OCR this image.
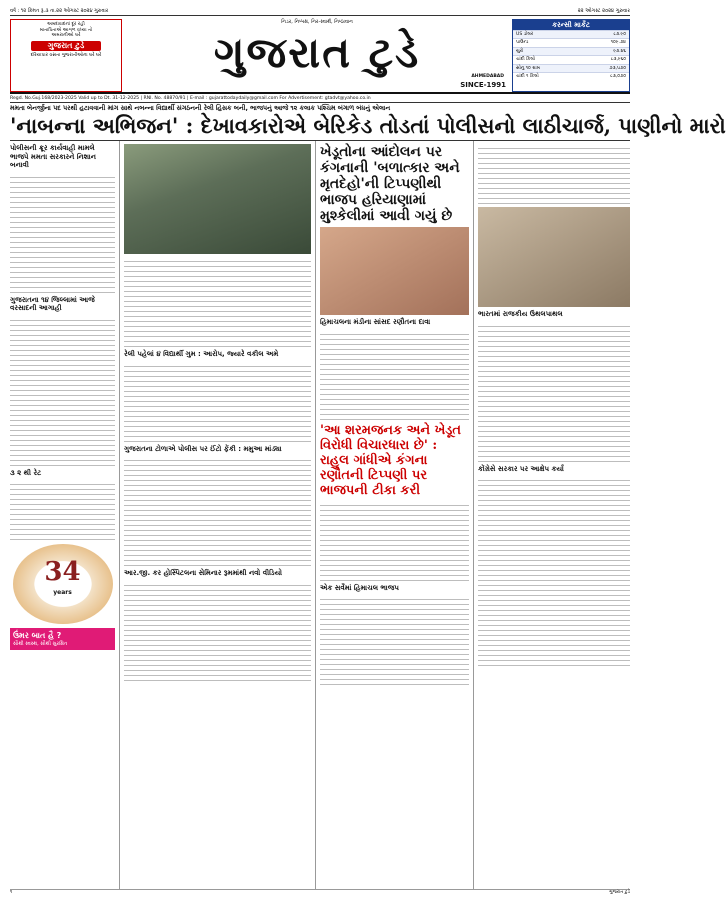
વર્ષ : ૧૨ કિંમત રૂ.૩ તા.૨૨ ઓગસ્ટ ૨૦૨૪ ગુરુવાર	૨૨ ઓગસ્ટ ૨૦૨૪ ગુરુવાર
અમદાવાદનાં દૂર રહી
માતાપિતાએ આગળ વધ્યા તો
અમરાનીઓ ઘરે
ગુજરાત ટુડે
દરિયાપાર વસતા ગુજરાતીઓના ઘરે ઘરે
નિડર, નિષ્પક્ષ, નિર-સ્વાર્થ, નિષ્ઠાવાન
ગુજરાત ટુડે	AHMEDABAD
SINCE-1991
કરન્સી માર્કેટ
US ડોલર	૮૩.૯૦
પાઉન્ડ	૧૦૯.૭૪
યુરો	૯૩.૪૬
ચાંદી કિલો	૮૩,૯૬૦
સોનુ ૧૦ ગ્રામ	૭૩,૫૭૦
ચાંદી ૧ કિલો	૮૩,૦૭૦
Regd. No.Guj.168/2023-2025 Valid up to Dt. 31-12-2025 | RNI. No. 48870/91 | E-mail : gujarattodaydaily@gmail.com For Advertisement: gtadvt@yahoo.co.in
મમતા બેનર્જીના પદ પરથી હટાવવાની માંગ સાથે નબન્ના વિદ્યાર્થી સંગઠનની રેલી હિંસક બની, ભાજપનું આજે ૧૨ કલાક પશ્ચિમ બંગાળ બંધનું એલાન
'નાબન્ના અભિજન' : દેખાવકારોએ બેરિકેડ તોડતાં પોલીસનો લાઠીચાર્જ, પાણીનો મારો
પોલીસની ક્રૂર કાર્યવાહી મામલે ભાજપે મમતા સરકારને નિશાન બનાવી
ગુજરાતના ૧૪ જિલ્લામાં આજે વરસાદની આગાહી
૩ ૨ થી રેટ
34
years
ઉંમર બાત હૈ ?
સૌથી સ્વસ્થ, સૌથી સુરક્ષિત
રેલી પહેલાં ૪ વિદ્યાર્થી ગુમ : આરોપ, જ્યારે વકીલ અમે
ગુજરાતના ટોળાએ પોલીસ પર ઈંટો ફેંકી : મમુઆ માંડ્યા
આર.જી. કર હોસ્પિટલના સેમિનાર રૂમમાંથી નવો વીડિયો
ખેડૂતોના આંદોલન પર કંગનાની 'બળાત્કાર અને મૃતદેહો'ની ટિપ્પણીથી ભાજપ હરિયાણામાં મુશ્કેલીમાં આવી ગયું છે
હિમાચલના મંડીના સાંસદ રણૌતના દાવા
'આ શરમજનક અને ખેડૂત વિરોધી વિચારધારા છે' : રાહુલ ગાંધીએ કંગના રણૌતની ટિપ્પણી પર ભાજપની ટીકા કરી
એક સર્વેમાં હિમાચલ ભાજપ
ભારતમાં રાજકીય ઉથલપાથલ
કોંગ્રેસે સરકાર પર આક્ષેપ કર્યા
૧	ગુજરાત ટુડે
